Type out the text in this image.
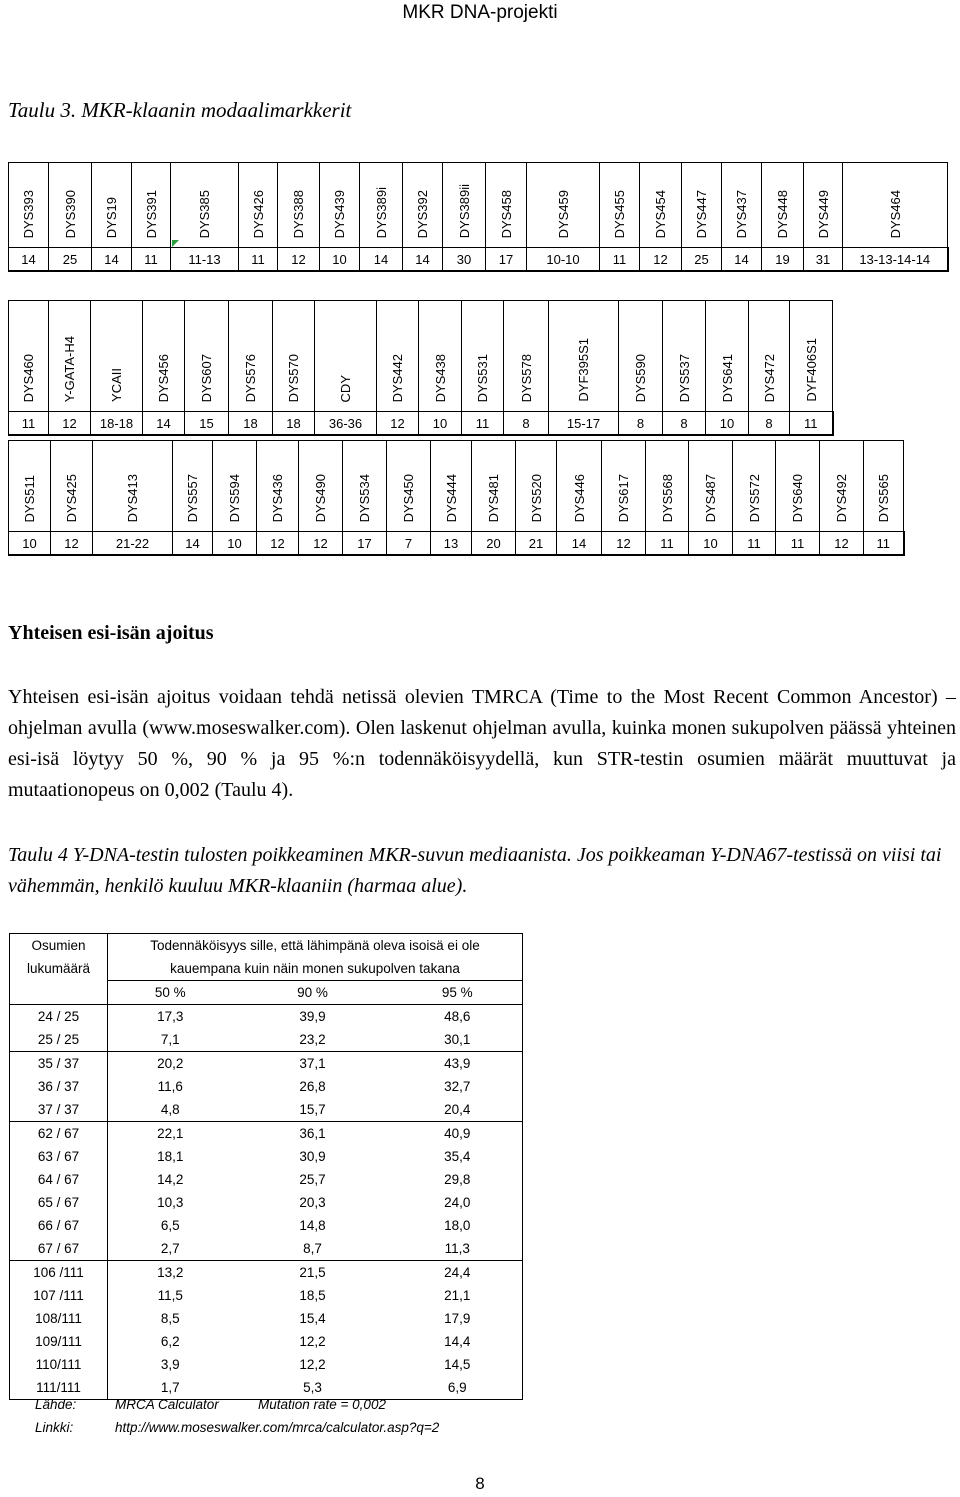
MKR DNA-projekti
Taulu 3. MKR-klaanin modaalimarkkerit
DYS393	DYS390	DYS19	DYS391	DYS385	DYS426	DYS388	DYS439	DYS389i	DYS392	DYS389ii	DYS458	DYS459	DYS455	DYS454	DYS447	DYS437	DYS448	DYS449	DYS464
14	25	14	11	11-13	11	12	10	14	14	30	17	10-10	11	12	25	14	19	31	13-13-14-14
DYS460	Y-GATA-H4	YCAII	DYS456	DYS607	DYS576	DYS570	CDY	DYS442	DYS438	DYS531	DYS578	DYF395S1	DYS590	DYS537	DYS641	DYS472	DYF406S1
11	12	18-18	14	15	18	18	36-36	12	10	11	8	15-17	8	8	10	8	11
DYS511	DYS425	DYS413	DYS557	DYS594	DYS436	DYS490	DYS534	DYS450	DYS444	DYS481	DYS520	DYS446	DYS617	DYS568	DYS487	DYS572	DYS640	DYS492	DYS565
10	12	21-22	14	10	12	12	17	7	13	20	21	14	12	11	10	11	11	12	11
Yhteisen esi-isän ajoitus
Yhteisen esi-isän ajoitus voidaan tehdä netissä olevien TMRCA (Time to the Most Recent Common Ancestor) – ohjelman avulla (www.moseswalker.com). Olen laskenut ohjelman avulla, kuinka monen sukupolven päässä yhteinen esi-isä löytyy 50 %, 90 % ja 95 %:n todennäköisyydellä, kun STR-testin osumien määrät muuttuvat ja mutaationopeus on 0,002 (Taulu 4).
Taulu 4 Y-DNA-testin tulosten poikkeaminen MKR-suvun mediaanista. Jos poikkeaman Y-DNA67-testissä on viisi tai vähemmän, henkilö kuuluu MKR-klaaniin (harmaa alue).
Osumien	Todennäköisyys sille, että lähimpänä oleva isoisä ei ole		
lukumäärä	kauempana kuin näin monen sukupolven takana		
	50 %	90 %	95 %
24 / 25	17,3	39,9	48,6
25 / 25	7,1	23,2	30,1
35 / 37	20,2	37,1	43,9
36 / 37	11,6	26,8	32,7
37 / 37	4,8	15,7	20,4
62 / 67	22,1	36,1	40,9
63 / 67	18,1	30,9	35,4
64 / 67	14,2	25,7	29,8
65 / 67	10,3	20,3	24,0
66 / 67	6,5	14,8	18,0
67 / 67	2,7	8,7	11,3
106 /111	13,2	21,5	24,4
107 /111	11,5	18,5	21,1
108/111	8,5	15,4	17,9
109/111	6,2	12,2	14,4
110/111	3,9	12,2	14,5
111/111	1,7	5,3	6,9
Lähde:	MRCA Calculator	Mutation rate = 0,002
Linkki:	http://www.moseswalker.com/mrca/calculator.asp?q=2
8
